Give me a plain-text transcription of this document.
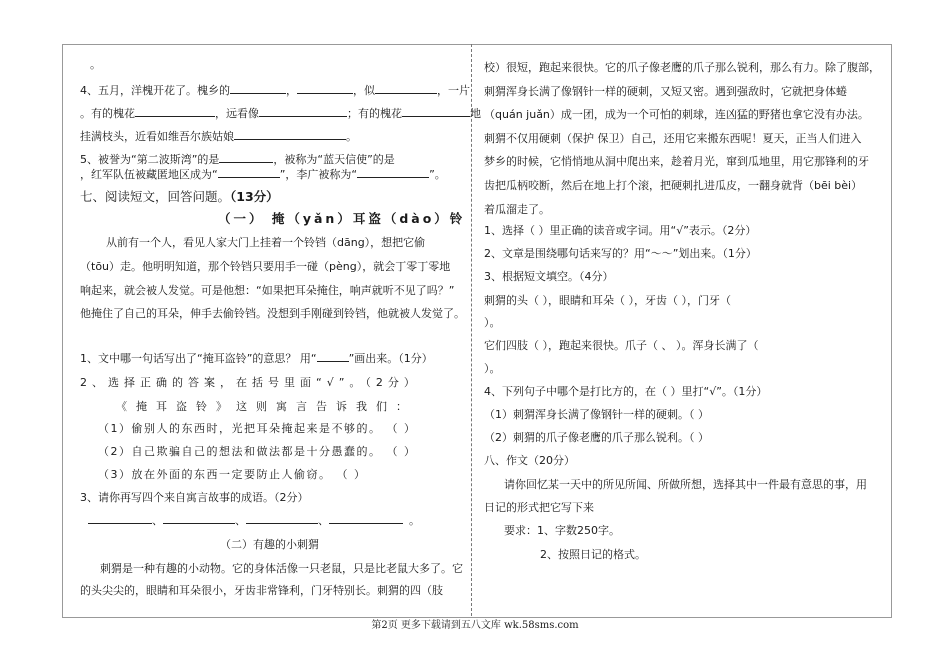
。
4、五月，洋槐开花了。槐乡的	，	，似	，一片
。有的槐花	，远看像	；有的槐花	地
挂满枝头，近看如维吾尔族姑娘	。
5、被誉为“第二波斯湾”的是	，被称为“蓝天信使”的是
，红军队伍被藏匿地区成为“	”，李广被称为“	”。
七、阅读短文，回答问题。（13分）
（一） 掩（yǎn）耳盗（dào）铃
从前有一个人，看见人家大门上挂着一个铃铛（dāng），想把它偷
（tōu）走。他明明知道，那个铃铛只要用手一碰（pèng），就会丁零丁零地
响起来，就会被人发觉。可是他想：“如果把耳朵掩住，响声就听不见了吗？”
他掩住了自己的耳朵，伸手去偷铃铛。没想到手刚碰到铃铛，他就被人发觉了。
1、文中哪一句话写出了“掩耳盗铃”的意思？ 用“	”画出来。（1分）
2、选择正确的答案，在括号里面“√”。（2分）
《掩耳盗铃》这则寓言告诉我们：
（1）偷别人的东西时，光把耳朵掩起来是不够的。 （ ）
（2）自己欺骗自己的想法和做法都是十分愚蠢的。 （ ）
（3）放在外面的东西一定要防止人偷窃。 （ ）
3、请你再写四个来自寓言故事的成语。（2分）
、	、	、	。
（二）有趣的小刺猬
刺猬是一种有趣的小动物。它的身体活像一只老鼠，只是比老鼠大多了。它
的头尖尖的，眼睛和耳朵很小，牙齿非常锋利，门牙特别长。刺猬的四（肢
校）很短，跑起来很快。它的爪子像老鹰的爪子那么锐利，那么有力。除了腹部，
刺猬浑身长满了像钢针一样的硬刺，又短又密。遇到强敌时，它就把身体蜷
（quán juǎn）成一团，成为一个可怕的刺球，连凶猛的野猪也拿它没有办法。
刺猬不仅用硬刺（保护 保卫）自己，还用它来搬东西呢！夏天，正当人们进入
梦乡的时候，它悄悄地从洞中爬出来，趁着月光，窜到瓜地里，用它那锋利的牙
齿把瓜柄咬断，然后在地上打个滚，把硬刺扎进瓜皮，一翻身就背（bēi bèi）
着瓜溜走了。
1、选择（ ）里正确的读音或字词。用“√”表示。（2分）
2、文章是围绕哪句话来写的？用“～～”划出来。（1分）
3、根据短文填空。（4分）
刺猬的头（ ），眼睛和耳朵（ ），牙齿（ ），门牙（
）。
它们四肢（ ），跑起来很快。爪子（ 、 ）。浑身长满了（
）。
4、下列句子中哪个是打比方的，在（ ）里打“√”。（1分）
（1）刺猬浑身长满了像钢针一样的硬刺。（ ）
（2）刺猬的爪子像老鹰的爪子那么锐利。（ ）
八、作文（20分）
请你回忆某一天中的所见所闻、所做所想，选择其中一件最有意思的事，用
日记的形式把它写下来
要求：1、字数250字。
2、按照日记的格式。
第2页 更多下载请到五八文库 wk.58sms.com
